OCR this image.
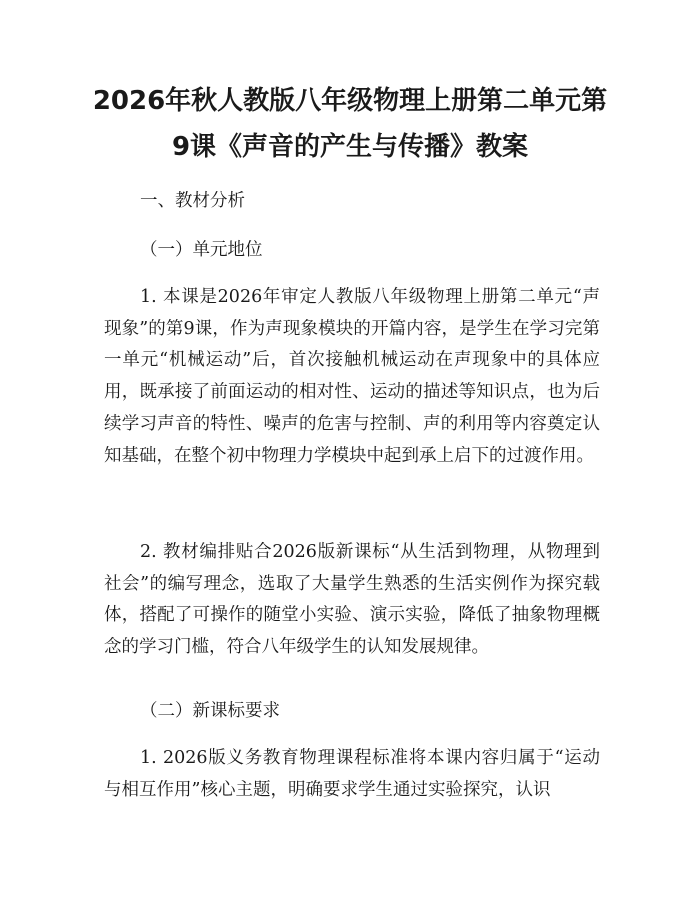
2026年秋人教版八年级物理上册第二单元第
9课《声音的产生与传播》教案
一、教材分析
（一）单元地位
1. 本课是2026年审定人教版八年级物理上册第二单元“声现象”的第9课，作为声现象模块的开篇内容，是学生在学习完第一单元“机械运动”后，首次接触机械运动在声现象中的具体应用，既承接了前面运动的相对性、运动的描述等知识点，也为后续学习声音的特性、噪声的危害与控制、声的利用等内容奠定认知基础，在整个初中物理力学模块中起到承上启下的过渡作用。
2. 教材编排贴合2026版新课标“从生活到物理，从物理到社会”的编写理念，选取了大量学生熟悉的生活实例作为探究载体，搭配了可操作的随堂小实验、演示实验，降低了抽象物理概念的学习门槛，符合八年级学生的认知发展规律。
（二）新课标要求
1. 2026版义务教育物理课程标准将本课内容归属于“运动与相互作用”核心主题，明确要求学生通过实验探究，认识
